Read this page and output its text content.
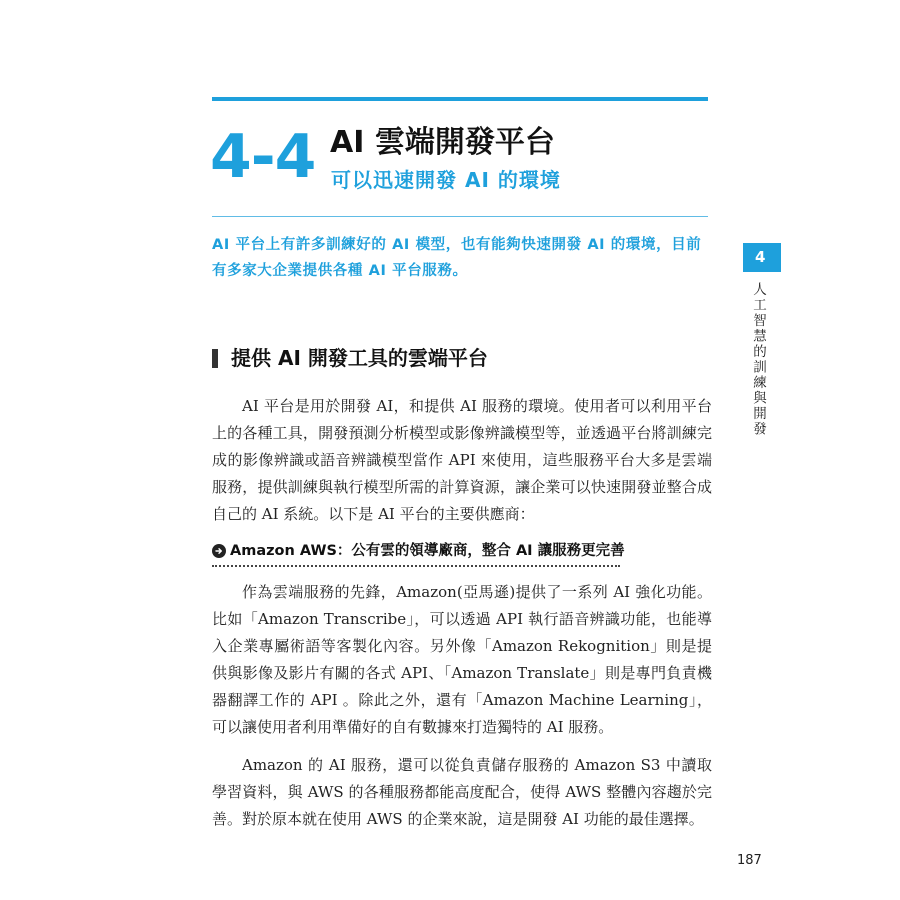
4-4 AI 雲端開發平台
可以迅速開發 AI 的環境
AI 平台上有許多訓練好的 AI 模型，也有能夠快速開發 AI 的環境，目前有多家大企業提供各種 AI 平台服務。
提供 AI 開發工具的雲端平台
AI 平台是用於開發 AI，和提供 AI 服務的環境。使用者可以利用平台上的各種工具，開發預測分析模型或影像辨識模型等，並透過平台將訓練完成的影像辨識或語音辨識模型當作 API 來使用，這些服務平台大多是雲端服務，提供訓練與執行模型所需的計算資源，讓企業可以快速開發並整合成自己的 AI 系統。以下是 AI 平台的主要供應商：
Amazon AWS：公有雲的領導廠商，整合 AI 讓服務更完善
作為雲端服務的先鋒，Amazon(亞馬遜)提供了一系列 AI 強化功能。比如「Amazon Transcribe」，可以透過 API 執行語音辨識功能，也能導入企業專屬術語等客製化內容。另外像「Amazon Rekognition」則是提供與影像及影片有關的各式 API、「Amazon Translate」則是專門負責機器翻譯工作的 API 。除此之外，還有「Amazon Machine Learning」，可以讓使用者利用準備好的自有數據來打造獨特的 AI 服務。
Amazon 的 AI 服務，還可以從負責儲存服務的 Amazon S3 中讀取學習資料，與 AWS 的各種服務都能高度配合，使得 AWS 整體內容趨於完善。對於原本就在使用 AWS 的企業來說，這是開發 AI 功能的最佳選擇。
4
人工智慧的訓練與開發
187
